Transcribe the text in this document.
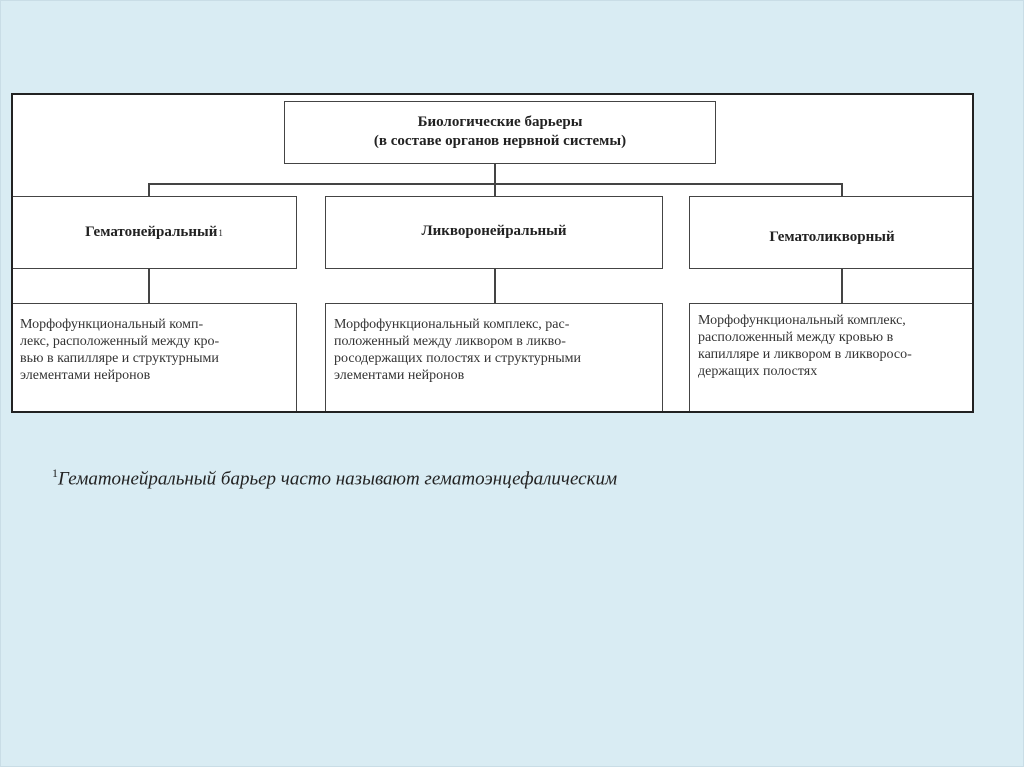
Биологические барьеры
(в составе органов нервной системы)
Гематонейральный 1	Ликворонейральный	Гематоликворный
Морфофункциональный комп-
лекс, расположенный между кро-
вью в капилляре и структурными
элементами нейронов
Морфофункциональный комплекс, рас-
положенный между ликвором в ликво-
росодержащих полостях и структурными
элементами нейронов
Морфофункциональный комплекс,
расположенный между кровью в
капилляре и ликвором в ликворосо-
держащих полостях
$^1$Гематонейральный барьер часто называют гематоэнцефалическим
